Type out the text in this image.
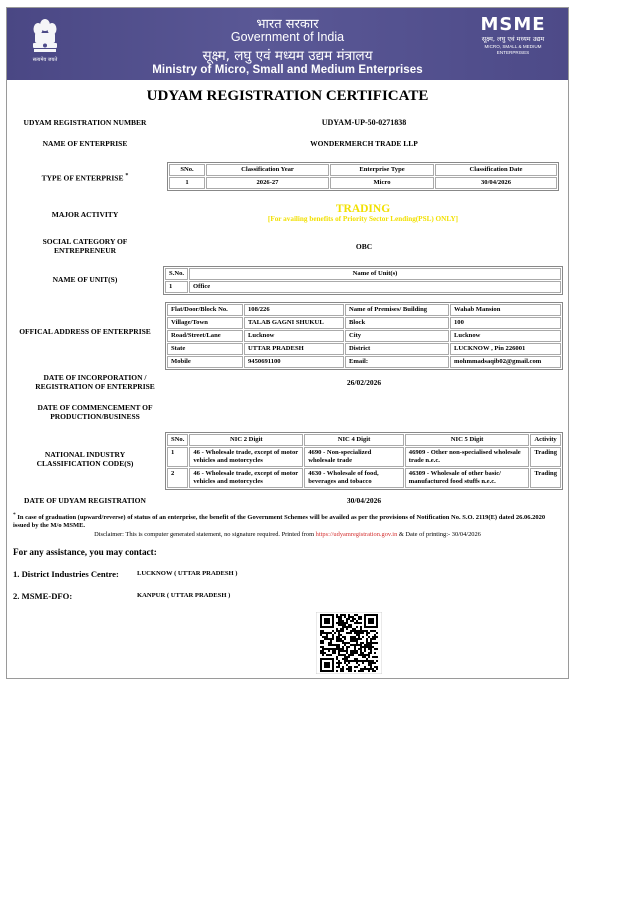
सत्यमेव जयते
भारत सरकार
Government of India
सूक्ष्म, लघु एवं मध्यम उद्यम मंत्रालय
Ministry of Micro, Small and Medium Enterprises
MSME
सूक्ष्म, लघु एवं मध्यम उद्यम
MICRO, SMALL & MEDIUM ENTERPRISES
UDYAM REGISTRATION CERTIFICATE
UDYAM REGISTRATION NUMBER	UDYAM-UP-50-0271838
NAME OF ENTERPRISE	WONDERMERCH TRADE LLP
TYPE OF ENTERPRISE *
SNo.	Classification Year	Enterprise Type	Classification Date
1	2026-27	Micro	30/04/2026
MAJOR ACTIVITY	TRADING
[For availing benefits of Priority Sector Lending(PSL) ONLY]
SOCIAL CATEGORY OF
ENTREPRENEUR	OBC
NAME OF UNIT(S)
S.No.	Name of Unit(s)
1	Office
OFFICAL ADDRESS OF ENTERPRISE
Flat/Door/Block No.	108/226	Name of Premises/ Building	Wahab Mansion
Village/Town	TALAB GAGNI SHUKUL	Block	100
Road/Street/Lane	Lucknow	City	Lucknow
State	UTTAR PRADESH	District	LUCKNOW , Pin 226001
Mobile	9450691100	Email:	mohmmadsaqib02@gmail.com
DATE OF INCORPORATION /
REGISTRATION OF ENTERPRISE	26/02/2026
DATE OF COMMENCEMENT OF
PRODUCTION/BUSINESS
NATIONAL INDUSTRY
CLASSIFICATION CODE(S)
SNo.	NIC 2 Digit	NIC 4 Digit	NIC 5 Digit	Activity
1	46 - Wholesale trade, except of motor vehicles and motorcycles	4690 - Non-specialized wholesale trade	46909 - Other non-specialised wholesale trade n.e.c.	Trading
2	46 - Wholesale trade, except of motor vehicles and motorcycles	4630 - Wholesale of food, beverages and tobacco	46309 - Wholesale of other basic/ manufactured food stuffs n.e.c.	Trading
DATE OF UDYAM REGISTRATION	30/04/2026
* In case of graduation (upward/reverse) of status of an enterprise, the benefit of the Government Schemes will be availed as per the provisions of Notification No. S.O. 2119(E) dated 26.06.2020 issued by the M/o MSME.
Disclaimer: This is computer generated statement, no signature required. Printed from https://udyamregistration.gov.in & Date of printing:- 30/04/2026
For any assistance, you may contact:
1. District Industries Centre:	LUCKNOW ( UTTAR PRADESH )
2. MSME-DFO:	KANPUR ( UTTAR PRADESH )
